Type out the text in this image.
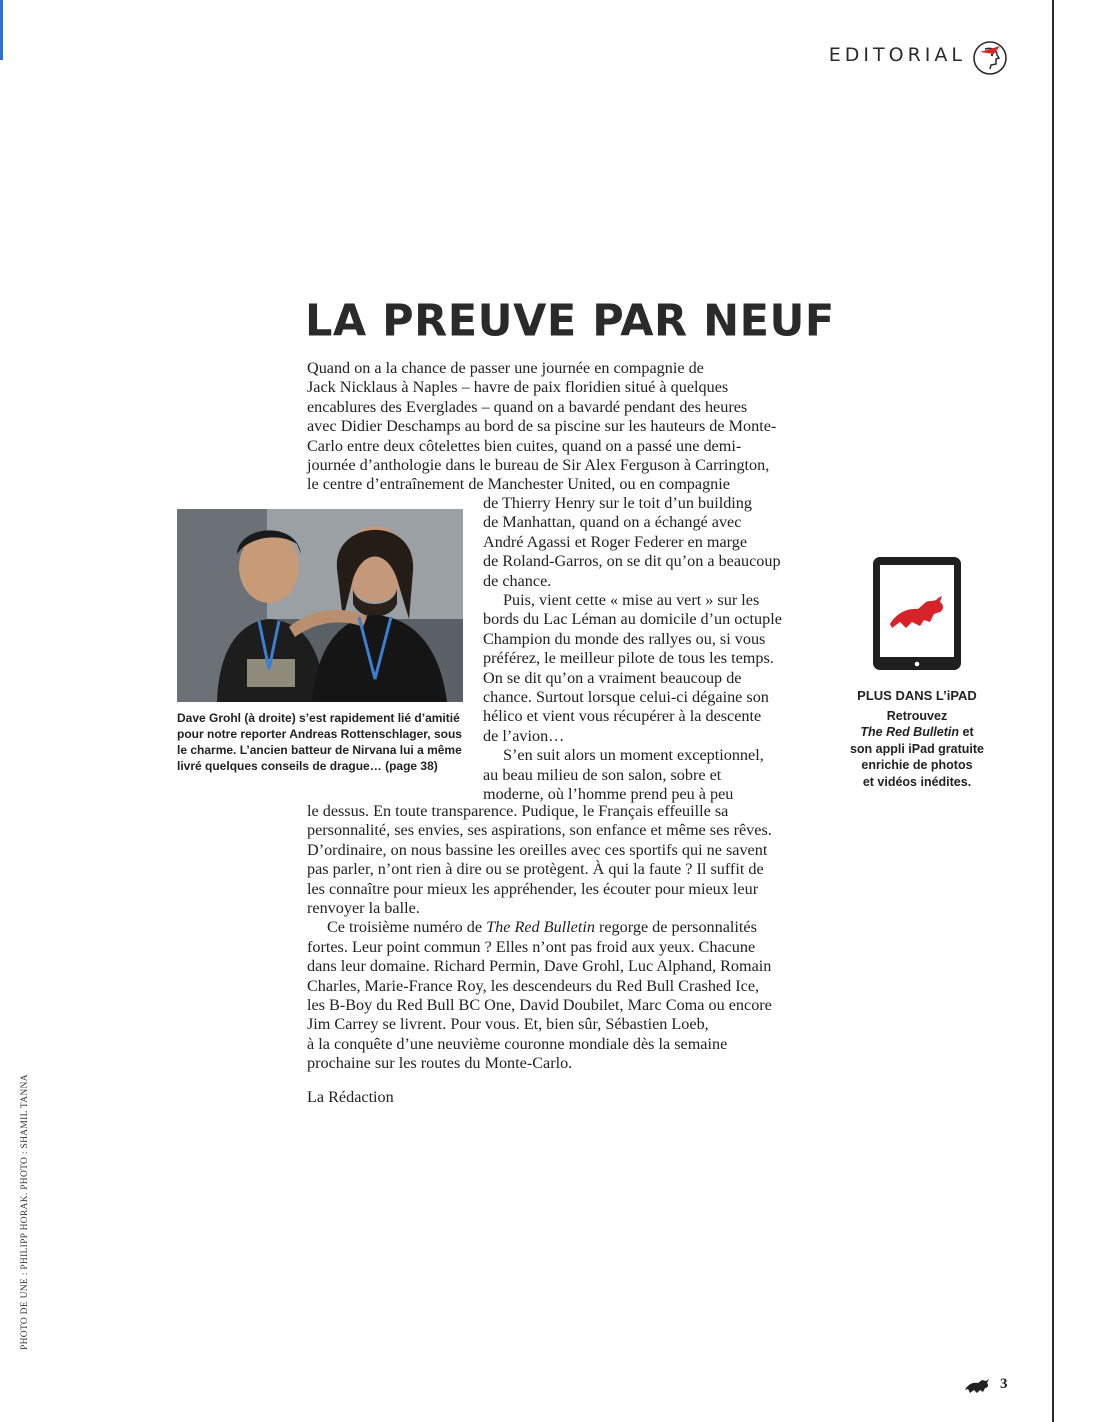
EDITORIAL
LA PREUVE PAR NEUF
Quand on a la chance de passer une journée en compagnie de
Jack Nicklaus à Naples – havre de paix floridien situé à quelques
encablures des Everglades – quand on a bavardé pendant des heures
avec Didier Deschamps au bord de sa piscine sur les hauteurs de Monte-
Carlo entre deux côtelettes bien cuites, quand on a passé une demi-
journée d’anthologie dans le bureau de Sir Alex Ferguson à Carrington,
le centre d’entraînement de Manchester United, ou en compagnie
de Thierry Henry sur le toit d’un building
de Manhattan, quand on a échangé avec
André Agassi et Roger Federer en marge
de Roland-Garros, on se dit qu’on a beaucoup
de chance.
Puis, vient cette « mise au vert » sur les
bords du Lac Léman au domicile d’un octuple
Champion du monde des rallyes ou, si vous
préférez, le meilleur pilote de tous les temps.
On se dit qu’on a vraiment beaucoup de
chance. Surtout lorsque celui-ci dégaine son
hélico et vient vous récupérer à la descente
de l’avion…
S’en suit alors un moment exceptionnel,
au beau milieu de son salon, sobre et
moderne, où l’homme prend peu à peu
le dessus. En toute transparence. Pudique, le Français effeuille sa
personnalité, ses envies, ses aspirations, son enfance et même ses rêves.
D’ordinaire, on nous bassine les oreilles avec ces sportifs qui ne savent
pas parler, n’ont rien à dire ou se protègent. À qui la faute ? Il suffit de
les connaître pour mieux les appréhender, les écouter pour mieux leur
renvoyer la balle.
Ce troisième numéro de The Red Bulletin regorge de personnalités
fortes. Leur point commun ? Elles n’ont pas froid aux yeux. Chacune
dans leur domaine. Richard Permin, Dave Grohl, Luc Alphand, Romain
Charles, Marie-France Roy, les descendeurs du Red Bull Crashed Ice,
les B-Boy du Red Bull BC One, David Doubilet, Marc Coma ou encore
Jim Carrey se livrent. Pour vous. Et, bien sûr, Sébastien Loeb,
à la conquête d’une neuvième couronne mondiale dès la semaine
prochaine sur les routes du Monte-Carlo.
La Rédaction
Dave Grohl (à droite) s’est rapidement lié d’amitié
pour notre reporter Andreas Rottenschlager, sous
le charme. L’ancien batteur de Nirvana lui a même
livré quelques conseils de drague… (page 38)
PLUS DANS L’iPAD
Retrouvez
The Red Bulletin et
son appli iPad gratuite
enrichie de photos
et vidéos inédites.
PHOTO DE UNE : PHILIPP HORAK. PHOTO : SHAMIL TANNA
3
